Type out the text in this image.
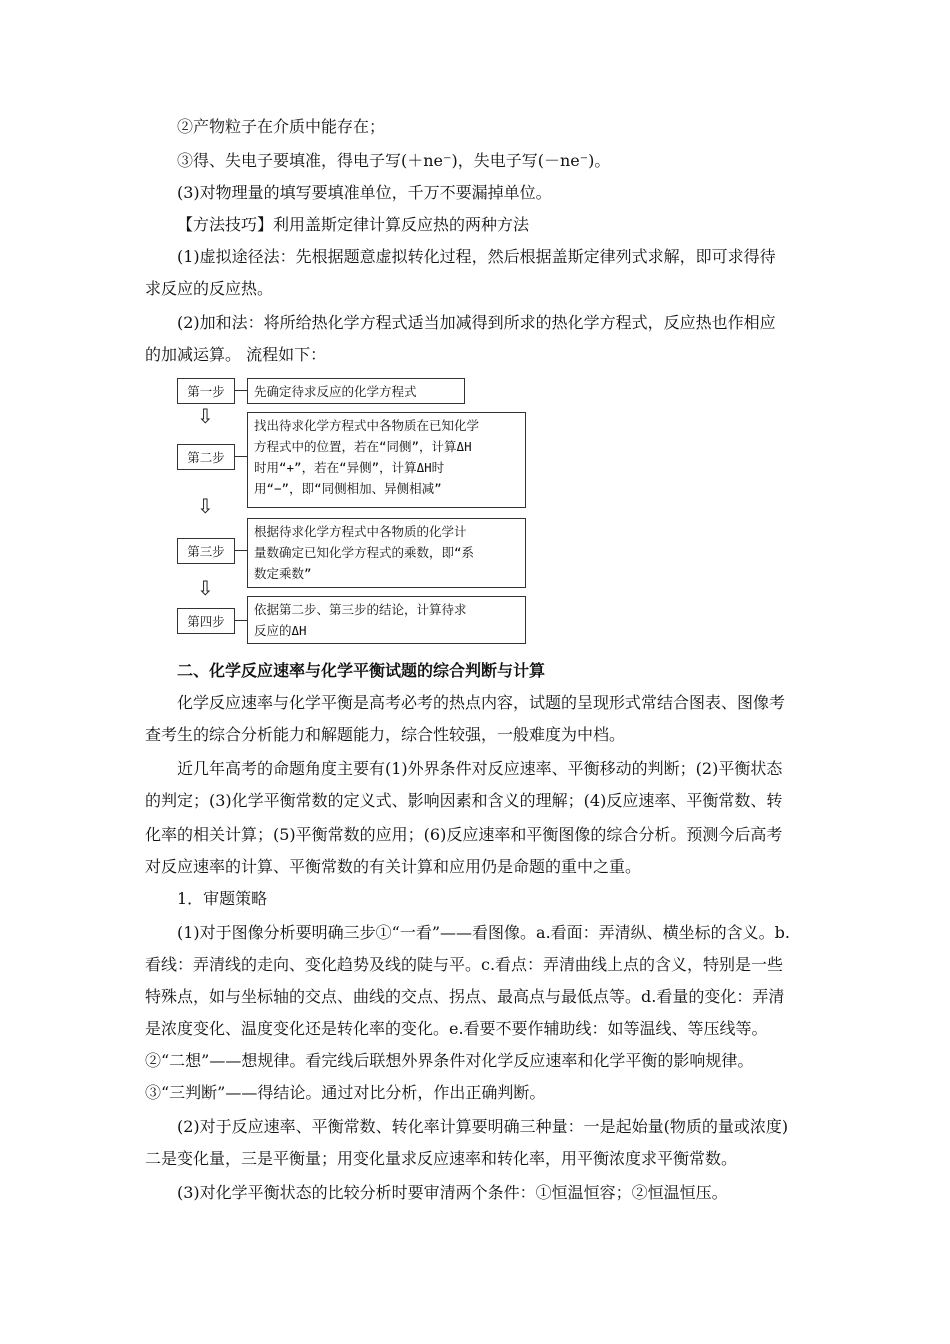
②产物粒子在介质中能存在；
③得、失电子要填准，得电子写(＋ne⁻)，失电子写(－ne⁻)。
(3)对物理量的填写要填准单位，千万不要漏掉单位。
【方法技巧】利用盖斯定律计算反应热的两种方法
(1)虚拟途径法：先根据题意虚拟转化过程，然后根据盖斯定律列式求解，即可求得待
求反应的反应热。
(2)加和法：将所给热化学方程式适当加减得到所求的热化学方程式，反应热也作相应
的加减运算。 流程如下：
第一步	先确定待求反应的化学方程式
⇩
第二步
找出待求化学方程式中各物质在已知化学
方程式中的位置，若在“同侧”，计算ΔH
时用“+”，若在“异侧”，计算ΔH时
用“−”，即“同侧相加、异侧相减”
⇩
第三步
根据待求化学方程式中各物质的化学计
量数确定已知化学方程式的乘数，即“系
数定乘数”
⇩
第四步
依据第二步、第三步的结论，计算待求
反应的ΔH
二、化学反应速率与化学平衡试题的综合判断与计算
化学反应速率与化学平衡是高考必考的热点内容，试题的呈现形式常结合图表、图像考
查考生的综合分析能力和解题能力，综合性较强，一般难度为中档。
近几年高考的命题角度主要有(1)外界条件对反应速率、平衡移动的判断；(2)平衡状态
的判定；(3)化学平衡常数的定义式、影响因素和含义的理解；(4)反应速率、平衡常数、转
化率的相关计算；(5)平衡常数的应用；(6)反应速率和平衡图像的综合分析。预测今后高考
对反应速率的计算、平衡常数的有关计算和应用仍是命题的重中之重。
1．审题策略
(1)对于图像分析要明确三步①“一看”——看图像。a.看面：弄清纵、横坐标的含义。b.
看线：弄清线的走向、变化趋势及线的陡与平。c.看点：弄清曲线上点的含义，特别是一些
特殊点，如与坐标轴的交点、曲线的交点、拐点、最高点与最低点等。d.看量的变化：弄清
是浓度变化、温度变化还是转化率的变化。e.看要不要作辅助线：如等温线、等压线等。
②“二想”——想规律。看完线后联想外界条件对化学反应速率和化学平衡的影响规律。
③“三判断”——得结论。通过对比分析，作出正确判断。
(2)对于反应速率、平衡常数、转化率计算要明确三种量：一是起始量(物质的量或浓度)
二是变化量，三是平衡量；用变化量求反应速率和转化率，用平衡浓度求平衡常数。
(3)对化学平衡状态的比较分析时要审清两个条件：①恒温恒容；②恒温恒压。
